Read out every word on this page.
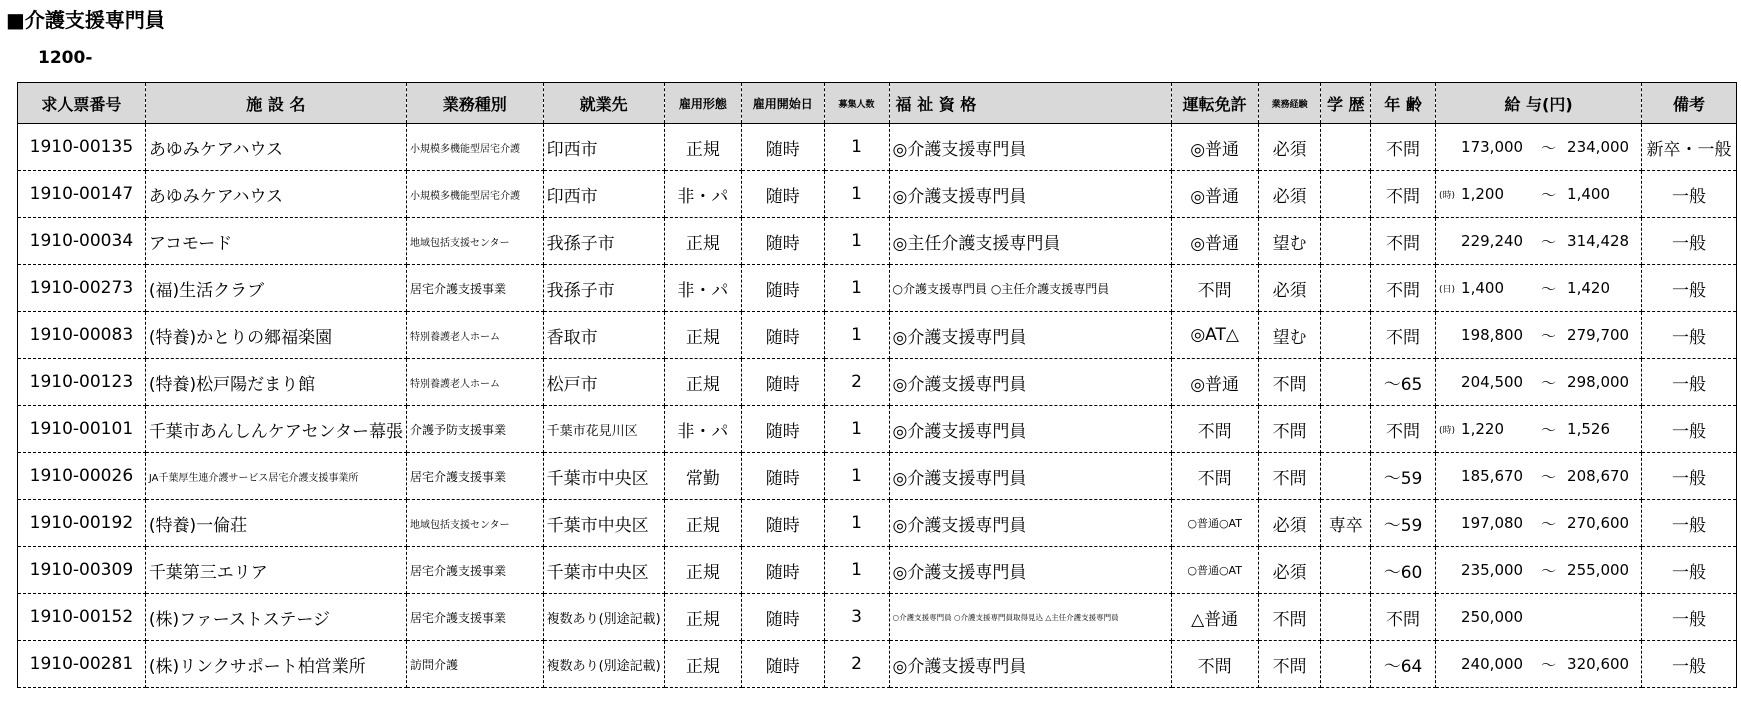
■介護支援専門員
1200-
求人票番号	施 設 名	業務種別	就業先	雇用形態	雇用開始日	募集人数	福 祉 資 格	運転免許	業務経験	学 歴	年 齢	給 与(円)	備考
1910-00135	あゆみケアハウス	小規模多機能型居宅介護	印西市	正規	随時	1	◎介護支援専門員	◎普通	必須		不問	173,000 ～ 234,000	新卒・一般
1910-00147	あゆみケアハウス	小規模多機能型居宅介護	印西市	非・パ	随時	1	◎介護支援専門員	◎普通	必須		不問	(時) 1,200 ～ 1,400	一般
1910-00034	アコモード	地域包括支援センター	我孫子市	正規	随時	1	◎主任介護支援専門員	◎普通	望む		不問	229,240 ～ 314,428	一般
1910-00273	(福)生活クラブ	居宅介護支援事業	我孫子市	非・パ	随時	1	○介護支援専門員 ○主任介護支援専門員	不問	必須		不問	(日) 1,400 ～ 1,420	一般
1910-00083	(特養)かとりの郷福楽園	特別養護老人ホーム	香取市	正規	随時	1	◎介護支援専門員	◎AT△	望む		不問	198,800 ～ 279,700	一般
1910-00123	(特養)松戸陽だまり館	特別養護老人ホーム	松戸市	正規	随時	2	◎介護支援専門員	◎普通	不問		～65	204,500 ～ 298,000	一般
1910-00101	千葉市あんしんケアセンター幕張	介護予防支援事業	千葉市花見川区	非・パ	随時	1	◎介護支援専門員	不問	不問		不問	(時) 1,220 ～ 1,526	一般
1910-00026	JA千葉厚生連介護サービス居宅介護支援事業所	居宅介護支援事業	千葉市中央区	常勤	随時	1	◎介護支援専門員	不問	不問		～59	185,670 ～ 208,670	一般
1910-00192	(特養)一倫荘	地域包括支援センター	千葉市中央区	正規	随時	1	◎介護支援専門員	○普通○AT	必須	専卒	～59	197,080 ～ 270,600	一般
1910-00309	千葉第三エリア	居宅介護支援事業	千葉市中央区	正規	随時	1	◎介護支援専門員	○普通○AT	必須		～60	235,000 ～ 255,000	一般
1910-00152	(株)ファーストステージ	居宅介護支援事業	複数あり(別途記載)	正規	随時	3	○介護支援専門員 ○介護支援専門員取得見込 △主任介護支援専門員	△普通	不問		不問	250,000	一般
1910-00281	(株)リンクサポート柏営業所	訪問介護	複数あり(別途記載)	正規	随時	2	◎介護支援専門員	不問	不問		～64	240,000 ～ 320,600	一般
